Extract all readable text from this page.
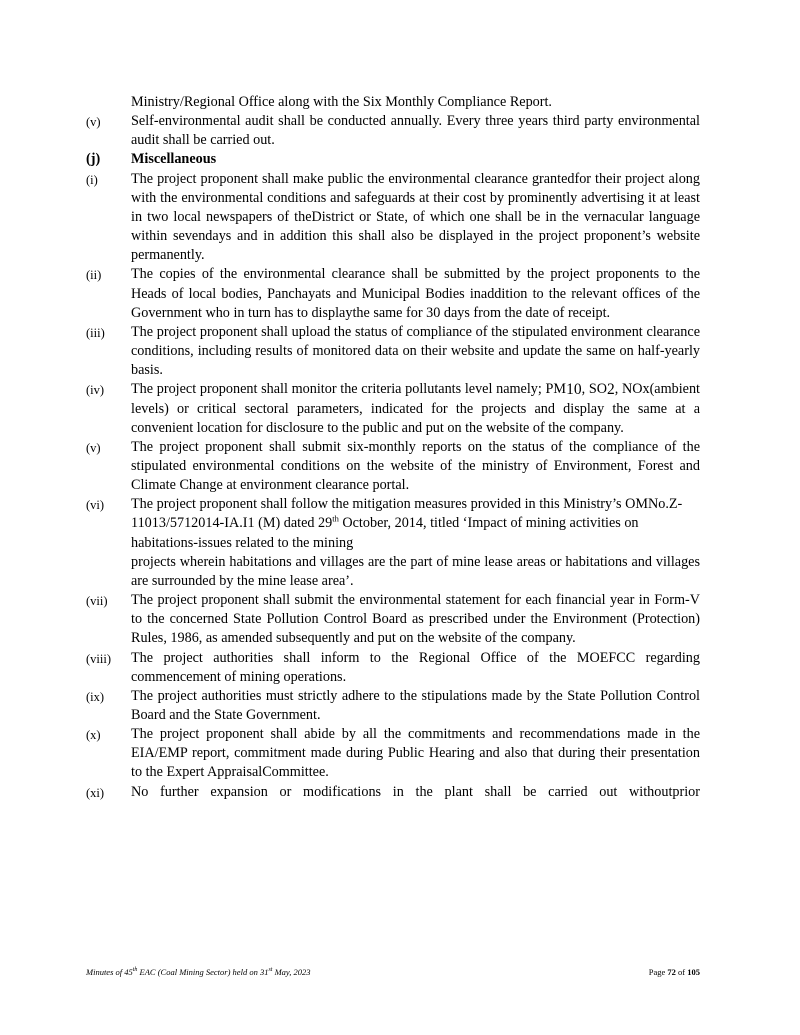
Ministry/Regional Office along with the Six Monthly Compliance Report.
(v)	Self-environmental audit shall be conducted annually. Every three years third party environmental audit shall be carried out.
(j)	Miscellaneous
(i)	The project proponent shall make public the environmental clearance grantedfor their project along with the environmental conditions and safeguards at their cost by prominently advertising it at least in two local newspapers of theDistrict or State, of which one shall be in the vernacular language within sevendays and in addition this shall also be displayed in the project proponent’s website permanently.
(ii)	The copies of the environmental clearance shall be submitted by the project proponents to the Heads of local bodies, Panchayats and Municipal Bodies inaddition to the relevant offices of the Government who in turn has to displaythe same for 30 days from the date of receipt.
(iii)	The project proponent shall upload the status of compliance of the stipulated environment clearance conditions, including results of monitored data on their website and update the same on half-yearly basis.
(iv)	The project proponent shall monitor the criteria pollutants level namely; PM10, SO2, NOx(ambient levels) or critical sectoral parameters, indicated for the projects and display the same at a convenient location for disclosure to the public and put on the website of the company.
(v)	The project proponent shall submit six-monthly reports on the status of the compliance of the stipulated environmental conditions on the website of the ministry of Environment, Forest and Climate Change at environment clearance portal.
(vi)	The project proponent shall follow the mitigation measures provided in this Ministry’s OMNo.Z-11013/5712014-IA.I1 (M) dated 29th October, 2014, titled ‘Impact of mining activities on habitations-issues related to the mining
projects wherein habitations and villages are the part of mine lease areas or habitations and villages are surrounded by the mine lease area’.
(vii)	The project proponent shall submit the environmental statement for each financial year in Form-V to the concerned State Pollution Control Board as prescribed under the Environment (Protection) Rules, 1986, as amended subsequently and put on the website of the company.
(viii)	The project authorities shall inform to the Regional Office of the MOEFCC regarding commencement of mining operations.
(ix)	The project authorities must strictly adhere to the stipulations made by the State Pollution Control Board and the State Government.
(x)	The project proponent shall abide by all the commitments and recommendations made in the EIA/EMP report, commitment made during Public Hearing and also that during their presentation to the Expert AppraisalCommittee.
(xi)	No further expansion or modifications in the plant shall be carried out withoutprior
Minutes of 45th EAC (Coal Mining Sector) held on 31st May, 2023	Page 72 of 105
